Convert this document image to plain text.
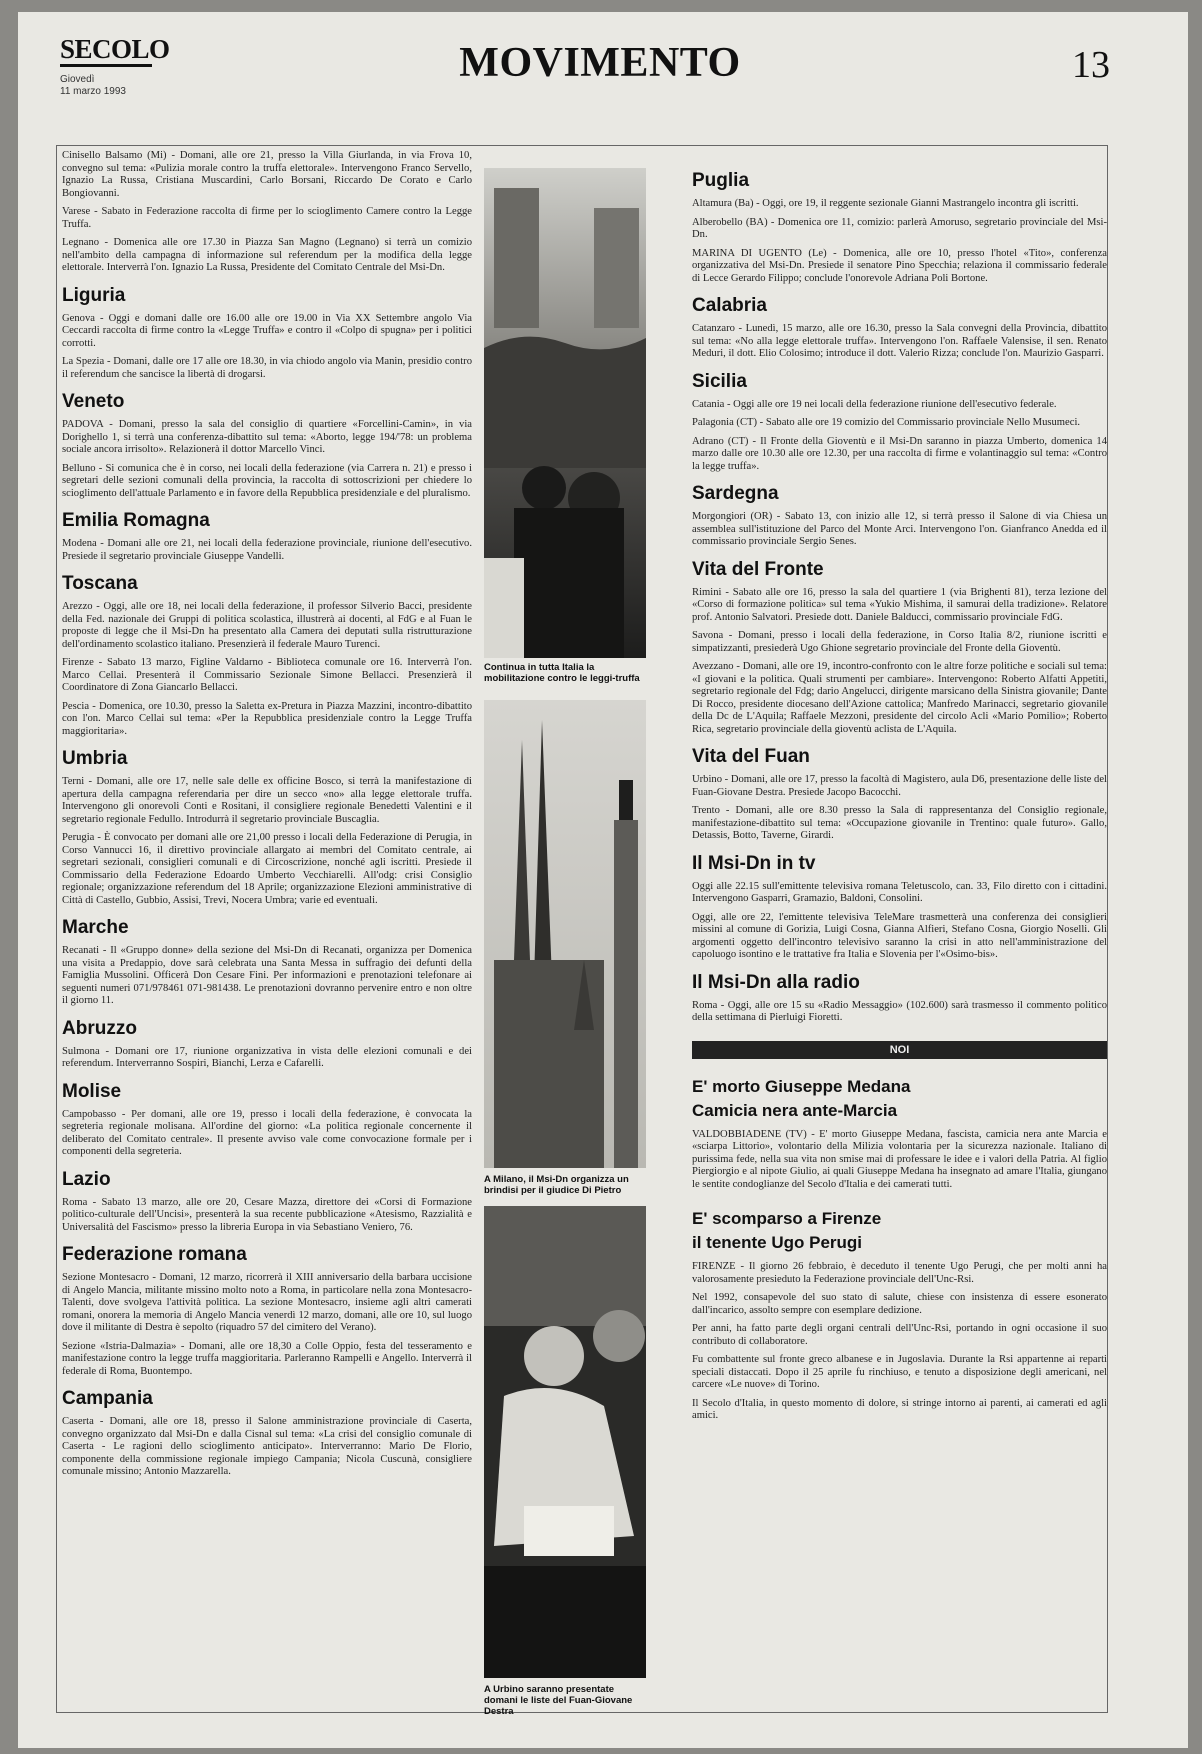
SECOLO
Giovedì
11 marzo 1993
MOVIMENTO	13

Cinisello Balsamo (Mi) - Domani, alle ore 21, presso la Villa Giurlanda, in via Frova 10, convegno sul tema: «Pulizia morale contro la truffa elettorale». Intervengono Franco Servello, Ignazio La Russa, Cristiana Muscardini, Carlo Borsani, Riccardo De Corato e Carlo Bongiovanni.

Varese - Sabato in Federazione raccolta di firme per lo scioglimento Camere contro la Legge Truffa.

Legnano - Domenica alle ore 17.30 in Piazza San Magno (Legnano) si terrà un comizio nell'ambito della campagna di informazione sul referendum per la modifica della legge elettorale. Interverrà l'on. Ignazio La Russa, Presidente del Comitato Centrale del Msi-Dn.

Liguria

Genova - Oggi e domani dalle ore 16.00 alle ore 19.00 in Via XX Settembre angolo Via Ceccardi raccolta di firme contro la «Legge Truffa» e contro il «Colpo di spugna» per i politici corrotti.

La Spezia - Domani, dalle ore 17 alle ore 18.30, in via chiodo angolo via Manin, presidio contro il referendum che sancisce la libertà di drogarsi.

Veneto

PADOVA - Domani, presso la sala del consiglio di quartiere «Forcellini-Camin», in via Dorighello 1, si terrà una conferenza-dibattito sul tema: «Aborto, legge 194/'78: un problema sociale ancora irrisolto». Relazionerà il dottor Marcello Vinci.

Belluno - Si comunica che è in corso, nei locali della federazione (via Carrera n. 21) e presso i segretari delle sezioni comunali della provincia, la raccolta di sottoscrizioni per chiedere lo scioglimento dell'attuale Parlamento e in favore della Repubblica presidenziale e del pluralismo.

Emilia Romagna

Modena - Domani alle ore 21, nei locali della federazione provinciale, riunione dell'esecutivo. Presiede il segretario provinciale Giuseppe Vandelli.

Toscana

Arezzo - Oggi, alle ore 18, nei locali della federazione, il professor Silverio Bacci, presidente della Fed. nazionale dei Gruppi di politica scolastica, illustrerà ai docenti, al FdG e al Fuan le proposte di legge che il Msi-Dn ha presentato alla Camera dei deputati sulla ristrutturazione dell'ordinamento scolastico italiano. Presenzierà il federale Mauro Turenci.

Firenze - Sabato 13 marzo, Figline Valdarno - Biblioteca comunale ore 16. Interverrà l'on. Marco Cellai. Presenterà il Commissario Sezionale Simone Bellacci. Presenzierà il Coordinatore di Zona Giancarlo Bellacci.

Pescia - Domenica, ore 10.30, presso la Saletta ex-Pretura in Piazza Mazzini, incontro-dibattito con l'on. Marco Cellai sul tema: «Per la Repubblica presidenziale contro la Legge Truffa maggioritaria».

Umbria

Terni - Domani, alle ore 17, nelle sale delle ex officine Bosco, si terrà la manifestazione di apertura della campagna referendaria per dire un secco «no» alla legge elettorale truffa. Intervengono gli onorevoli Conti e Rositani, il consigliere regionale Benedetti Valentini e il segretario regionale Fedullo. Introdurrà il segretario provinciale Buscaglia.

Perugia - È convocato per domani alle ore 21,00 presso i locali della Federazione di Perugia, in Corso Vannucci 16, il direttivo provinciale allargato ai membri del Comitato centrale, ai segretari sezionali, consiglieri comunali e di Circoscrizione, nonché agli iscritti. Presiede il Commissario della Federazione Edoardo Umberto Vecchiarelli. All'odg: crisi Consiglio regionale; organizzazione referendum del 18 Aprile; organizzazione Elezioni amministrative di Città di Castello, Gubbio, Assisi, Trevi, Nocera Umbra; varie ed eventuali.

Marche

Recanati - Il «Gruppo donne» della sezione del Msi-Dn di Recanati, organizza per Domenica una visita a Predappio, dove sarà celebrata una Santa Messa in suffragio dei defunti della Famiglia Mussolini. Officerà Don Cesare Fini. Per informazioni e prenotazioni telefonare ai seguenti numeri 071/978461 071-981438. Le prenotazioni dovranno pervenire entro e non oltre il giorno 11.

Abruzzo

Sulmona - Domani ore 17, riunione organizzativa in vista delle elezioni comunali e dei referendum. Interverranno Sospiri, Bianchi, Lerza e Cafarelli.

Molise

Campobasso - Per domani, alle ore 19, presso i locali della federazione, è convocata la segreteria regionale molisana. All'ordine del giorno: «La politica regionale concernente il deliberato del Comitato centrale». Il presente avviso vale come convocazione formale per i componenti della segreteria.

Lazio

Roma - Sabato 13 marzo, alle ore 20, Cesare Mazza, direttore dei «Corsi di Formazione politico-culturale dell'Uncisi», presenterà la sua recente pubblicazione «Atesismo, Razzialità e Universalità del Fascismo» presso la libreria Europa in via Sebastiano Veniero, 76.

Federazione romana

Sezione Montesacro - Domani, 12 marzo, ricorrerà il XIII anniversario della barbara uccisione di Angelo Mancia, militante missino molto noto a Roma, in particolare nella zona Montesacro-Talenti, dove svolgeva l'attività politica. La sezione Montesacro, insieme agli altri camerati romani, onorera la memoria di Angelo Mancia venerdì 12 marzo, domani, alle ore 10, sul luogo dove il militante di Destra è sepolto (riquadro 57 del cimitero del Verano).

Sezione «Istria-Dalmazia» - Domani, alle ore 18,30 a Colle Oppio, festa del tesseramento e manifestazione contro la legge truffa maggioritaria. Parleranno Rampelli e Angello. Interverrà il federale di Roma, Buontempo.

Campania

Caserta - Domani, alle ore 18, presso il Salone amministrazione provinciale di Caserta, convegno organizzato dal Msi-Dn e dalla Cisnal sul tema: «La crisi del consiglio comunale di Caserta - Le ragioni dello scioglimento anticipato». Interverranno: Mario De Florio, componente della commissione regionale impiego Campania; Nicola Cuscunà, consigliere comunale missino; Antonio Mazzarella.

Continua in tutta Italia la mobilitazione contro le leggi-truffa
A Milano, il Msi-Dn organizza un brindisi per il giudice Di Pietro
A Urbino saranno presentate domani le liste del Fuan-Giovane Destra
Puglia

Altamura (Ba) - Oggi, ore 19, il reggente sezionale Gianni Mastrangelo incontra gli iscritti.

Alberobello (BA) - Domenica ore 11, comizio: parlerà Amoruso, segretario provinciale del Msi-Dn.

MARINA DI UGENTO (Le) - Domenica, alle ore 10, presso l'hotel «Tito», conferenza organizzativa del Msi-Dn. Presiede il senatore Pino Specchia; relaziona il commissario federale di Lecce Gerardo Filippo; conclude l'onorevole Adriana Poli Bortone.

Calabria

Catanzaro - Lunedì, 15 marzo, alle ore 16.30, presso la Sala convegni della Provincia, dibattito sul tema: «No alla legge elettorale truffa». Intervengono l'on. Raffaele Valensise, il sen. Renato Meduri, il dott. Elio Colosimo; introduce il dott. Valerio Rizza; conclude l'on. Maurizio Gasparri.

Sicilia

Catania - Oggi alle ore 19 nei locali della federazione riunione dell'esecutivo federale.

Palagonia (CT) - Sabato alle ore 19 comizio del Commissario provinciale Nello Musumeci.

Adrano (CT) - Il Fronte della Gioventù e il Msi-Dn saranno in piazza Umberto, domenica 14 marzo dalle ore 10.30 alle ore 12.30, per una raccolta di firme e volantinaggio sul tema: «Contro la legge truffa».

Sardegna

Morgongiori (OR) - Sabato 13, con inizio alle 12, si terrà presso il Salone di via Chiesa un assemblea sull'istituzione del Parco del Monte Arci. Intervengono l'on. Gianfranco Anedda ed il commissario provinciale Sergio Senes.

Vita del Fronte

Rimini - Sabato alle ore 16, presso la sala del quartiere 1 (via Brighenti 81), terza lezione del «Corso di formazione politica» sul tema «Yukio Mishima, il samurai della tradizione». Relatore prof. Antonio Salvatori. Presiede dott. Daniele Balducci, commissario provinciale FdG.

Savona - Domani, presso i locali della federazione, in Corso Italia 8/2, riunione iscritti e simpatizzanti, presiederà Ugo Ghione segretario provinciale del Fronte della Gioventù.

Avezzano - Domani, alle ore 19, incontro-confronto con le altre forze politiche e sociali sul tema: «I giovani e la politica. Quali strumenti per cambiare». Intervengono: Roberto Alfatti Appetiti, segretario regionale del Fdg; dario Angelucci, dirigente marsicano della Sinistra giovanile; Dante Di Rocco, presidente diocesano dell'Azione cattolica; Manfredo Marinacci, segretario giovanile della Dc de L'Aquila; Raffaele Mezzoni, presidente del circolo Acli «Mario Pomilio»; Roberto Rica, segretario provinciale della gioventù aclista de L'Aquila.

Vita del Fuan

Urbino - Domani, alle ore 17, presso la facoltà di Magistero, aula D6, presentazione delle liste del Fuan-Giovane Destra. Presiede Jacopo Bacocchi.

Trento - Domani, alle ore 8.30 presso la Sala di rappresentanza del Consiglio regionale, manifestazione-dibattito sul tema: «Occupazione giovanile in Trentino: quale futuro». Gallo, Detassis, Botto, Taverne, Girardi.

Il Msi-Dn in tv

Oggi alle 22.15 sull'emittente televisiva romana Teletuscolo, can. 33, Filo diretto con i cittadini. Intervengono Gasparri, Gramazio, Baldoni, Consolini.

Oggi, alle ore 22, l'emittente televisiva TeleMare trasmetterà una conferenza dei consiglieri missini al comune di Gorizia, Luigi Cosna, Gianna Alfieri, Stefano Cosna, Giorgio Noselli. Gli argomenti oggetto dell'incontro televisivo saranno la crisi in atto nell'amministrazione del capoluogo isontino e le trattative fra Italia e Slovenia per l'«Osimo-bis».

Il Msi-Dn alla radio

Roma - Oggi, alle ore 15 su «Radio Messaggio» (102.600) sarà trasmesso il commento politico della settimana di Pierluigi Fioretti.

NOI
E' morto Giuseppe Medana
Camicia nera ante-Marcia

VALDOBBIADENE (TV) - E' morto Giuseppe Medana, fascista, camicia nera ante Marcia e «sciarpa Littorio», volontario della Milizia volontaria per la sicurezza nazionale. Italiano di purissima fede, nella sua vita non smise mai di professare le idee e i valori della Patria. Al figlio Piergiorgio e al nipote Giulio, ai quali Giuseppe Medana ha insegnato ad amare l'Italia, giungano le sentite condoglianze del Secolo d'Italia e dei camerati tutti.

E' scomparso a Firenze
il tenente Ugo Perugi

FIRENZE - Il giorno 26 febbraio, è deceduto il tenente Ugo Perugi, che per molti anni ha valorosamente presieduto la Federazione provinciale dell'Unc-Rsi.

Nel 1992, consapevole del suo stato di salute, chiese con insistenza di essere esonerato dall'incarico, assolto sempre con esemplare dedizione.

Per anni, ha fatto parte degli organi centrali dell'Unc-Rsi, portando in ogni occasione il suo contributo di collaboratore.

Fu combattente sul fronte greco albanese e in Jugoslavia. Durante la Rsi appartenne ai reparti speciali distaccati. Dopo il 25 aprile fu rinchiuso, e tenuto a disposizione degli americani, nel carcere «Le nuove» di Torino.

Il Secolo d'Italia, in questo momento di dolore, si stringe intorno ai parenti, ai camerati ed agli amici.
